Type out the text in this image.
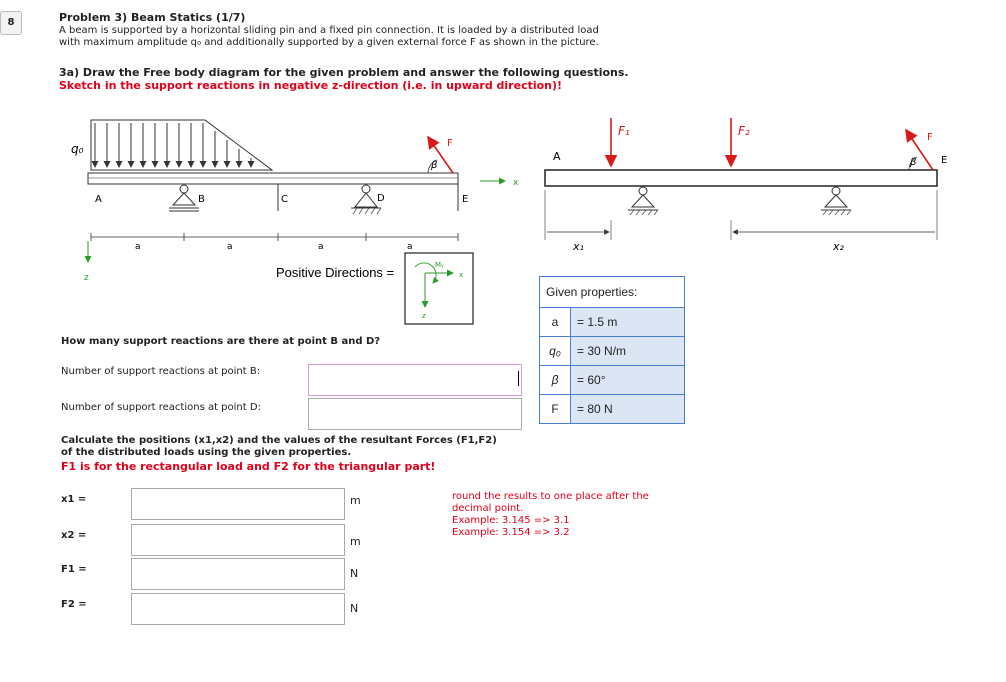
8	Problem 3) Beam Statics (1/7)
A beam is supported by a horizontal sliding pin and a fixed pin connection. It is loaded by a distributed load
with maximum amplitude q₀ and additionally supported by a given external force F as shown in the picture.
3a) Draw the Free body diagram for the given problem and answer the following questions.
Sketch in the support reactions in negative z-direction (i.e. in upward direction)!
q₀
A	B	C	D	E
F
β
x
a	a	a	a
z	Positive Directions =	Mᵧ
x
z
A
F₁	F₂	F
β E
x₁	x₂
Given properties:	
a	= 1.5 m
q₀	= 30 N/m
β	= 60°
F	= 80 N
How many support reactions are there at point B and D?
Number of support reactions at point B:
Number of support reactions at point D:
Calculate the positions (x1,x2) and the values of the resultant Forces (F1,F2)
of the distributed loads using the given properties.
F1 is for the rectangular load and F2 for the triangular part!
x1 =	m
x2 =	m
F1 =	N
F2 =	N
round the results to one place after the
decimal point.
Example: 3.145 => 3.1
Example: 3.154 => 3.2
